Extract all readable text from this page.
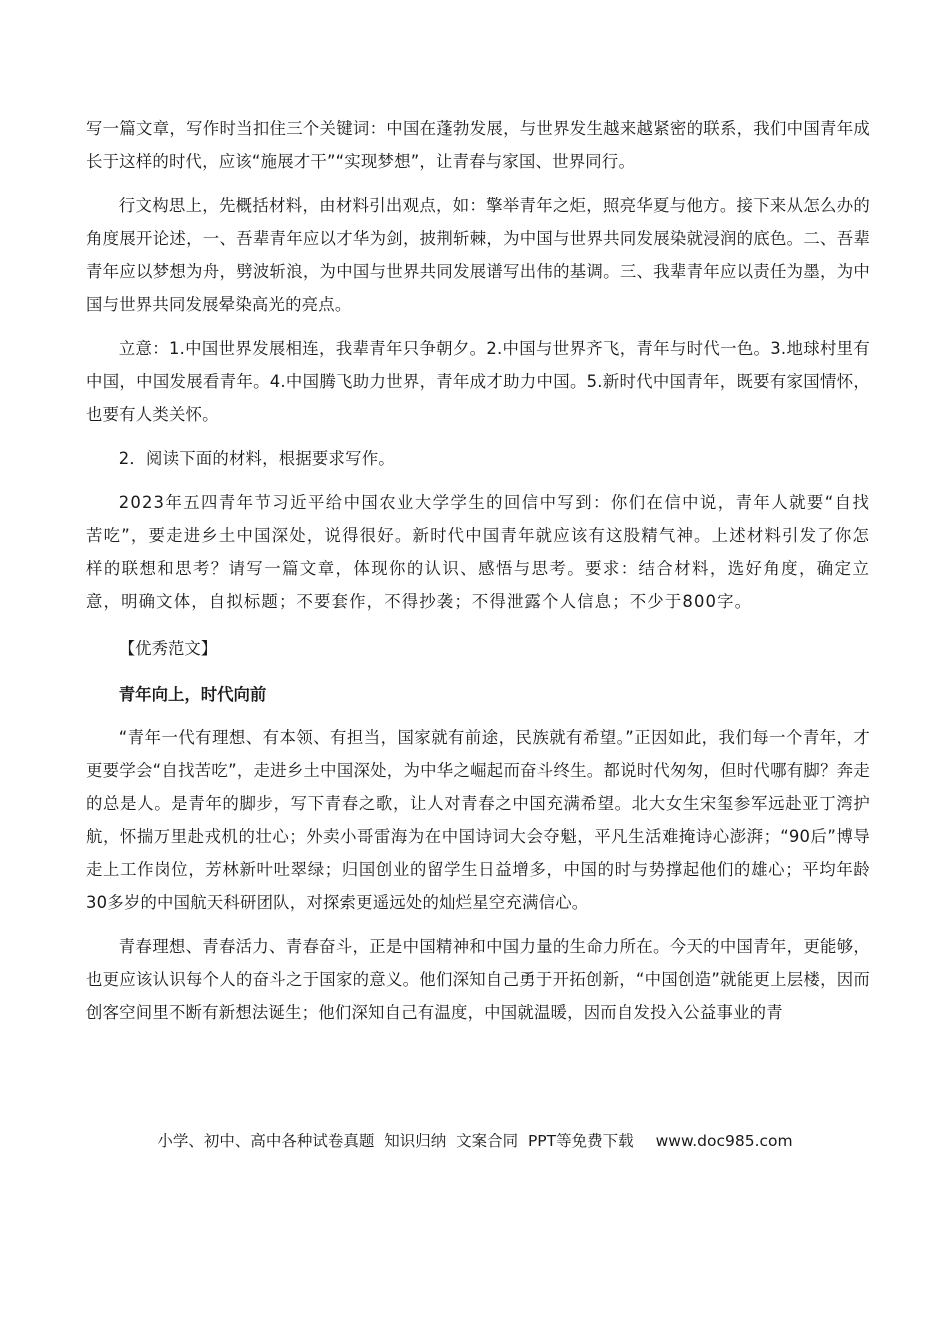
写一篇文章，写作时当扣住三个关键词：中国在蓬勃发展，与世界发生越来越紧密的联系，我们中国青年成长于这样的时代，应该“施展才干”“实现梦想”，让青春与家国、世界同行。

行文构思上，先概括材料，由材料引出观点，如：擎举青年之炬，照亮华夏与他方。接下来从怎么办的角度展开论述，一、吾辈青年应以才华为剑，披荆斩棘，为中国与世界共同发展染就浸润的底色。二、吾辈青年应以梦想为舟，劈波斩浪，为中国与世界共同发展谱写出伟的基调。三、我辈青年应以责任为墨，为中国与世界共同发展晕染高光的亮点。

立意：1.中国世界发展相连，我辈青年只争朝夕。2.中国与世界齐飞，青年与时代一色。3.地球村里有中国，中国发展看青年。4.中国腾飞助力世界，青年成才助力中国。5.新时代中国青年，既要有家国情怀，也要有人类关怀。

2．阅读下面的材料，根据要求写作。

2023年五四青年节习近平给中国农业大学学生的回信中写到：你们在信中说，青年人就要“自找苦吃”，要走进乡土中国深处，说得很好。新时代中国青年就应该有这股精气神。上述材料引发了你怎样的联想和思考？请写一篇文章，体现你的认识、感悟与思考。要求：结合材料，选好角度，确定立意，明确文体，自拟标题；不要套作，不得抄袭；不得泄露个人信息；不少于800字。

【优秀范文】

青年向上，时代向前

“青年一代有理想、有本领、有担当，国家就有前途，民族就有希望。”正因如此，我们每一个青年，才更要学会“自找苦吃”，走进乡土中国深处，为中华之崛起而奋斗终生。都说时代匆匆，但时代哪有脚？奔走的总是人。是青年的脚步，写下青春之歌，让人对青春之中国充满希望。北大女生宋玺参军远赴亚丁湾护航，怀揣万里赴戎机的壮心；外卖小哥雷海为在中国诗词大会夺魁，平凡生活难掩诗心澎湃；“90后”博导走上工作岗位，芳林新叶吐翠绿；归国创业的留学生日益增多，中国的时与势撑起他们的雄心；平均年龄30多岁的中国航天科研团队，对探索更遥远处的灿烂星空充满信心。

青春理想、青春活力、青春奋斗，正是中国精神和中国力量的生命力所在。今天的中国青年，更能够，也更应该认识每个人的奋斗之于国家的意义。他们深知自己勇于开拓创新，“中国创造”就能更上层楼，因而创客空间里不断有新想法诞生；他们深知自己有温度，中国就温暖，因而自发投入公益事业的青

小学、初中、高中各种试卷真题  知识归纳  文案合同  PPT等免费下载 www.doc985.com
